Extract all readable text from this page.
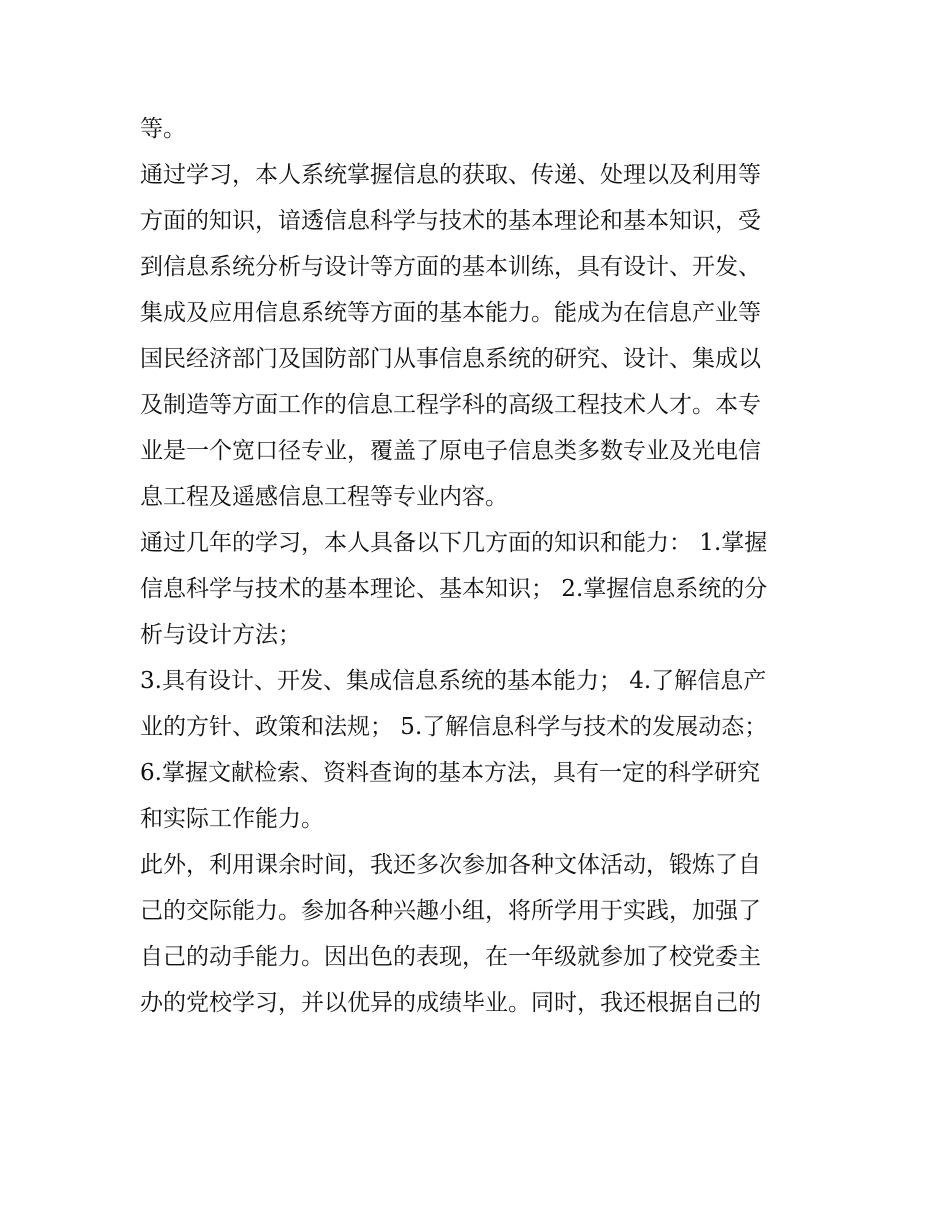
等。
通过学习，本人系统掌握信息的获取、传递、处理以及利用等
方面的知识，谙透信息科学与技术的基本理论和基本知识，受
到信息系统分析与设计等方面的基本训练，具有设计、开发、
集成及应用信息系统等方面的基本能力。能成为在信息产业等
国民经济部门及国防部门从事信息系统的研究、设计、集成以
及制造等方面工作的信息工程学科的高级工程技术人才。本专
业是一个宽口径专业，覆盖了原电子信息类多数专业及光电信
息工程及遥感信息工程等专业内容。
通过几年的学习，本人具备以下几方面的知识和能力： 1.掌握
信息科学与技术的基本理论、基本知识； 2.掌握信息系统的分
析与设计方法；
3.具有设计、开发、集成信息系统的基本能力； 4.了解信息产
业的方针、政策和法规； 5.了解信息科学与技术的发展动态；
6.掌握文献检索、资料查询的基本方法，具有一定的科学研究
和实际工作能力。
此外，利用课余时间，我还多次参加各种文体活动，锻炼了自
己的交际能力。参加各种兴趣小组，将所学用于实践，加强了
自己的动手能力。因出色的表现，在一年级就参加了校党委主
办的党校学习，并以优异的成绩毕业。同时，我还根据自己的
